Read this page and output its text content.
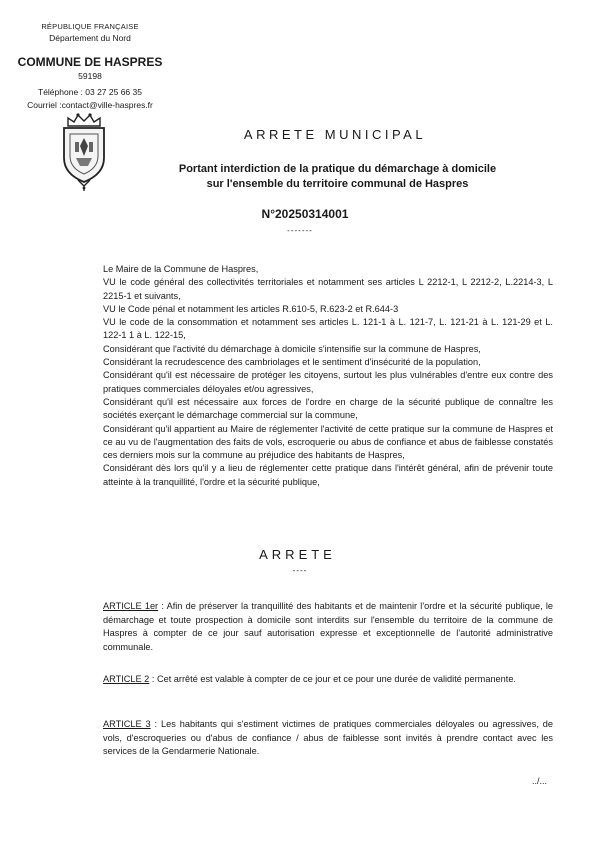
RÉPUBLIQUE FRANÇAISE
Département du Nord
COMMUNE DE HASPRES
59198
Téléphone : 03 27 25 66 35
Courriel :contact@ville-haspres.fr
ARRETE MUNICIPAL
Portant interdiction de la pratique du démarchage à domicile
sur l'ensemble du territoire communal de Haspres
N°20250314001
-------
Le Maire de la Commune de Haspres,
VU le code général des collectivités territoriales et notamment ses articles L 2212-1, L 2212-2, L.2214-3, L 2215-1 et suivants,
VU le Code pénal et notamment les articles R.610-5, R.623-2 et R.644-3
VU le code de la consommation et notamment ses articles L. 121-1 à L. 121-7, L. 121-21 à L. 121-29 et L. 122-1 1 à L. 122-15,
Considérant que l'activité du démarchage à domicile s'intensifie sur la commune de Haspres,
Considérant la recrudescence des cambriolages et le sentiment d'insécurité de la population,
Considérant qu'il est nécessaire de protéger les citoyens, surtout les plus vulnérables d'entre eux contre des pratiques commerciales déloyales et/ou agressives,
Considérant qu'il est nécessaire aux forces de l'ordre en charge de la sécurité publique de connaître les sociétés exerçant le démarchage commercial sur la commune,
Considérant qu'il appartient au Maire de réglementer l'activité de cette pratique sur la commune de Haspres et ce au vu de l'augmentation des faits de vols, escroquerie ou abus de confiance et abus de faiblesse constatés ces derniers mois sur la commune au préjudice des habitants de Haspres,
Considérant dès lors qu'il y a lieu de réglementer cette pratique dans l'intérêt général, afin de prévenir toute atteinte à la tranquillité, l'ordre et la sécurité publique,
ARRETE
----
ARTICLE 1er : Afin de préserver la tranquillité des habitants et de maintenir l'ordre et la sécurité publique, le démarchage et toute prospection à domicile sont interdits sur l'ensemble du territoire de la commune de Haspres à compter de ce jour sauf autorisation expresse et exceptionnelle de l'autorité administrative communale.
ARTICLE 2 : Cet arrêté est valable à compter de ce jour et ce pour une durée de validité permanente.
ARTICLE 3 : Les habitants qui s'estiment victimes de pratiques commerciales déloyales ou agressives, de vols, d'escroqueries ou d'abus de confiance / abus de faiblesse sont invités à prendre contact avec les services de la Gendarmerie Nationale.
../...
